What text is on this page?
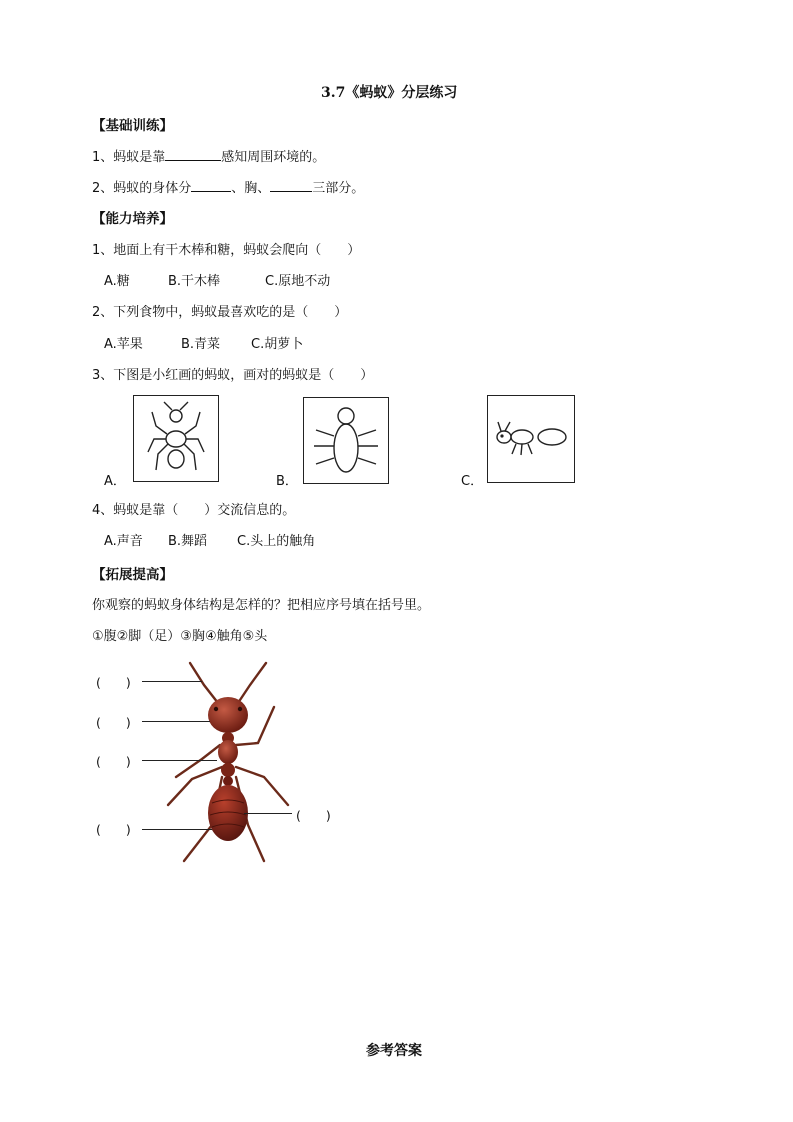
3.7《蚂蚁》分层练习
【基础训练】
1、蚂蚁是靠	感知周围环境的。
2、蚂蚁的身体分	、胸、	三部分。
【能力培养】
1、地面上有干木棒和糖，蚂蚁会爬向（　　）
A.糖	B.干木棒	C.原地不动
2、下列食物中，蚂蚁最喜欢吃的是（　　）
A.苹果	B.青菜 C.胡萝卜
3、下图是小红画的蚂蚁，画对的蚂蚁是（　　）
A．	B．	C．
4、蚂蚁是靠（　　）交流信息的。
A.声音 B.舞蹈 C.头上的触角
【拓展提高】
你观察的蚂蚁身体结构是怎样的？把相应序号填在括号里。
①腹②脚（足）③胸④触角⑤头
(　　)
(　　)
(　　)
(　　)
(　　)
参考答案
